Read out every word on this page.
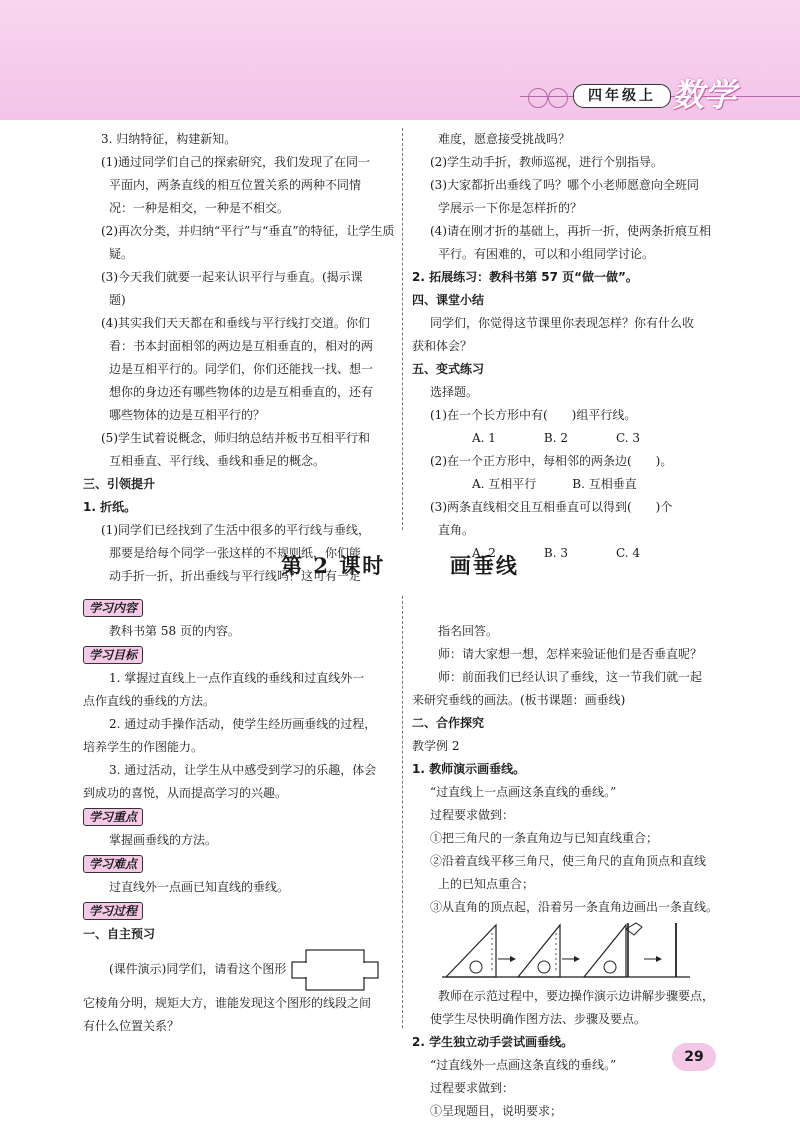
四年级上 数学

3. 归纳特征，构建新知。

(1)通过同学们自己的探索研究，我们发现了在同一

平面内，两条直线的相互位置关系的两种不同情

况：一种是相交，一种是不相交。

(2)再次分类，并归纳“平行”与“垂直”的特征，让学生质

疑。

(3)今天我们就要一起来认识平行与垂直。(揭示课

题)

(4)其实我们天天都在和垂线与平行线打交道。你们

看：书本封面相邻的两边是互相垂直的，相对的两

边是互相平行的。同学们，你们还能找一找、想一

想你的身边还有哪些物体的边是互相垂直的，还有

哪些物体的边是互相平行的？

(5)学生试着说概念，师归纳总结并板书互相平行和

互相垂直、平行线、垂线和垂足的概念。

三、引领提升

1. 折纸。

(1)同学们已经找到了生活中很多的平行线与垂线，

那要是给每个同学一张这样的不规则纸，你们能

动手折一折，折出垂线与平行线吗？这可有一定

难度，愿意接受挑战吗？

(2)学生动手折，教师巡视，进行个别指导。

(3)大家都折出垂线了吗？哪个小老师愿意向全班同

学展示一下你是怎样折的？

(4)请在刚才折的基础上，再折一折，使两条折痕互相

平行。有困难的，可以和小组同学讨论。

2. 拓展练习：教科书第 57 页“做一做”。

四、课堂小结

同学们，你觉得这节课里你表现怎样？你有什么收

获和体会？

五、变式练习

选择题。

(1)在一个长方形中有(　　)组平行线。

A. 1　　　　B. 2　　　　C. 3

(2)在一个正方形中，每相邻的两条边(　　)。

A. 互相平行　　　B. 互相垂直

(3)两条直线相交且互相垂直可以得到(　　)个

直角。

A. 2　　　　B. 3　　　　C. 4

第 2 课时 　　	画垂线

学习内容

教科书第 58 页的内容。

学习目标

1. 掌握过直线上一点作直线的垂线和过直线外一

点作直线的垂线的方法。

2. 通过动手操作活动，使学生经历画垂线的过程，

培养学生的作图能力。

3. 通过活动，让学生从中感受到学习的乐趣，体会

到成功的喜悦，从而提高学习的兴趣。

学习重点

掌握画垂线的方法。

学习难点

过直线外一点画已知直线的垂线。

学习过程

一、自主预习

(课件演示)同学们，请看这个图形

它棱角分明，规矩大方，谁能发现这个图形的线段之间

有什么位置关系？

指名回答。

师：请大家想一想，怎样来验证他们是否垂直呢？

师：前面我们已经认识了垂线，这一节我们就一起

来研究垂线的画法。(板书课题：画垂线)

二、合作探究

教学例 2

1. 教师演示画垂线。

“过直线上一点画这条直线的垂线。”

过程要求做到：

①把三角尺的一条直角边与已知直线重合；

②沿着直线平移三角尺，使三角尺的直角顶点和直线

上的已知点重合；

③从直角的顶点起，沿着另一条直角边画出一条直线。

教师在示范过程中，要边操作演示边讲解步骤要点，

使学生尽快明确作图方法、步骤及要点。

2. 学生独立动手尝试画垂线。

“过直线外一点画这条直线的垂线。”

过程要求做到：

①呈现题目，说明要求；

29
